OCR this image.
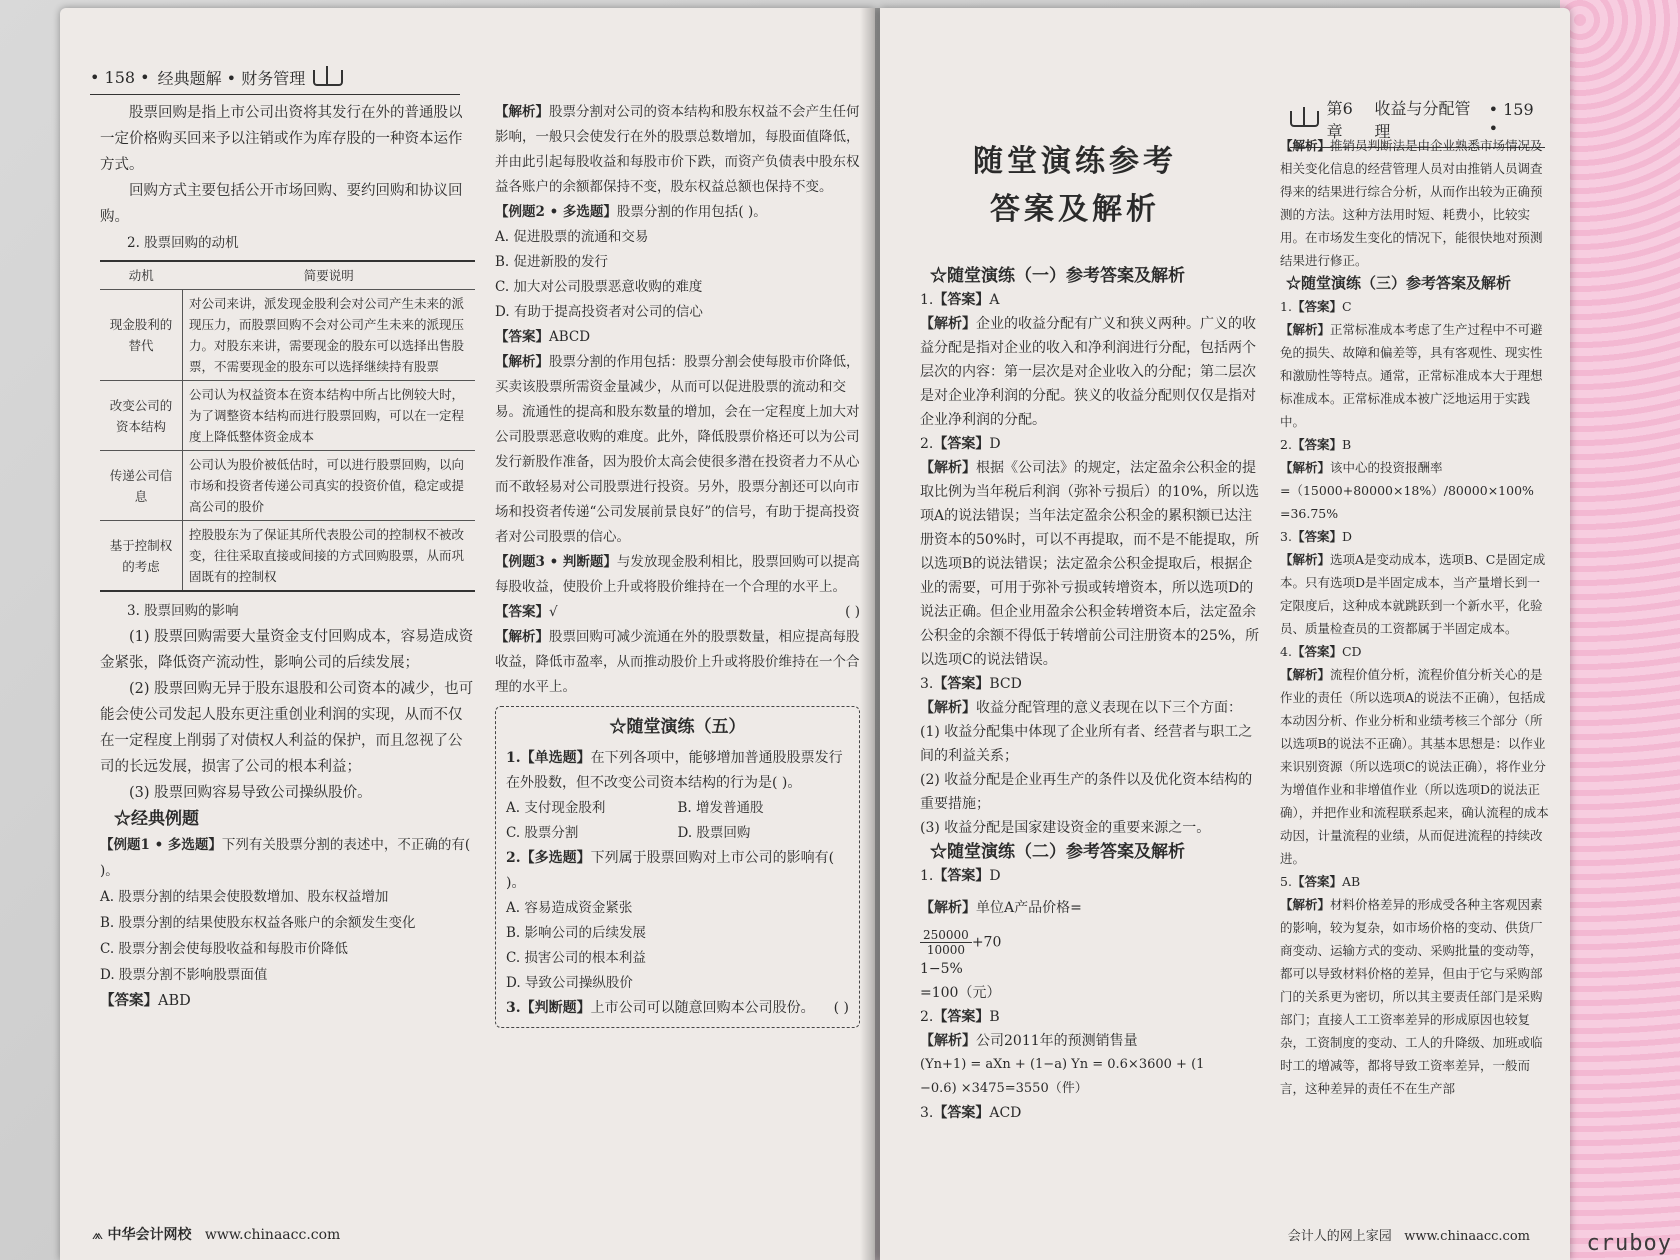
• 158 • 经典题解 • 财务管理

股票回购是指上市公司出资将其发行在外的普通股以一定价格购买回来予以注销或作为库存股的一种资本运作方式。

回购方式主要包括公开市场回购、要约回购和协议回购。

2. 股票回购的动机

动机	简要说明
现金股利的替代	对公司来讲，派发现金股利会对公司产生未来的派现压力，而股票回购不会对公司产生未来的派现压力。对股东来讲，需要现金的股东可以选择出售股票，不需要现金的股东可以选择继续持有股票
改变公司的资本结构	公司认为权益资本在资本结构中所占比例较大时，为了调整资本结构而进行股票回购，可以在一定程度上降低整体资金成本
传递公司信息	公司认为股价被低估时，可以进行股票回购，以向市场和投资者传递公司真实的投资价值，稳定或提高公司的股价
基于控制权的考虑	控股股东为了保证其所代表股公司的控制权不被改变，往往采取直接或间接的方式回购股票，从而巩固既有的控制权

3. 股票回购的影响

(1) 股票回购需要大量资金支付回购成本，容易造成资金紧张，降低资产流动性，影响公司的后续发展；

(2) 股票回购无异于股东退股和公司资本的减少，也可能会使公司发起人股东更注重创业利润的实现，从而不仅在一定程度上削弱了对债权人利益的保护，而且忽视了公司的长远发展，损害了公司的根本利益；

(3) 股票回购容易导致公司操纵股价。

☆经典例题

【例题1 • 多选题】下列有关股票分割的表述中，不正确的有( )。

A. 股票分割的结果会使股数增加、股东权益增加

B. 股票分割的结果使股东权益各账户的余额发生变化

C. 股票分割会使每股收益和每股市价降低

D. 股票分割不影响股票面值

【答案】ABD

【解析】股票分割对公司的资本结构和股东权益不会产生任何影响，一般只会使发行在外的股票总数增加，每股面值降低，并由此引起每股收益和每股市价下跌，而资产负债表中股东权益各账户的余额都保持不变，股东权益总额也保持不变。

【例题2 • 多选题】股票分割的作用包括( )。

A. 促进股票的流通和交易

B. 促进新股的发行

C. 加大对公司股票恶意收购的难度

D. 有助于提高投资者对公司的信心

【答案】ABCD

【解析】股票分割的作用包括：股票分割会使每股市价降低，买卖该股票所需资金量减少，从而可以促进股票的流动和交易。流通性的提高和股东数量的增加，会在一定程度上加大对公司股票恶意收购的难度。此外，降低股票价格还可以为公司发行新股作准备，因为股价太高会使很多潜在投资者力不从心而不敢轻易对公司股票进行投资。另外，股票分割还可以向市场和投资者传递“公司发展前景良好”的信号，有助于提高投资者对公司股票的信心。

【例题3 • 判断题】与发放现金股利相比，股票回购可以提高每股收益，使股价上升或将股价维持在一个合理的水平上。
( )

【答案】√

【解析】股票回购可减少流通在外的股票数量，相应提高每股收益，降低市盈率，从而推动股价上升或将股价维持在一个合理的水平上。

☆随堂演练（五）

1.【单选题】在下列各项中，能够增加普通股股票发行在外股数，但不改变公司资本结构的行为是( )。

A. 支付现金股利	B. 增发普通股
C. 股票分割	D. 股票回购

2.【多选题】下列属于股票回购对上市公司的影响有( )。

A. 容易造成资金紧张

B. 影响公司的后续发展

C. 损害公司的根本利益

D. 导致公司操纵股价

3.【判断题】上市公司可以随意回购本公司股份。 ( )

⩕ 中华会计网校 www.chinaacc.com
第6章
收益与分配管理
• 159 •
随堂演练参考
答案及解析

☆随堂演练（一）参考答案及解析

1.【答案】A

【解析】企业的收益分配有广义和狭义两种。广义的收益分配是指对企业的收入和净利润进行分配，包括两个层次的内容：第一层次是对企业收入的分配；第二层次是对企业净利润的分配。狭义的收益分配则仅仅是指对企业净利润的分配。

2.【答案】D

【解析】根据《公司法》的规定，法定盈余公积金的提取比例为当年税后利润（弥补亏损后）的10%，所以选项A的说法错误；当年法定盈余公积金的累积额已达注册资本的50%时，可以不再提取，而不是不能提取，所以选项B的说法错误；法定盈余公积金提取后，根据企业的需要，可用于弥补亏损或转增资本，所以选项D的说法正确。但企业用盈余公积金转增资本后，法定盈余公积金的余额不得低于转增前公司注册资本的25%，所以选项C的说法错误。

3.【答案】BCD

【解析】收益分配管理的意义表现在以下三个方面：

(1) 收益分配集中体现了企业所有者、经营者与职工之间的利益关系；

(2) 收益分配是企业再生产的条件以及优化资本结构的重要措施；

(3) 收益分配是国家建设资金的重要来源之一。

☆随堂演练（二）参考答案及解析

1.【答案】D

【解析】单位A产品价格=

$\frac{250000}{10000} +70$
1−5%
=100（元）

2.【答案】B

【解析】公司2011年的预测销售量

(Yn+1) = aXn + (1−a) Yn = 0.6×3600 + (1

−0.6) ×3475=3550（件）

3.【答案】ACD

【解析】推销员判断法是由企业熟悉市场情况及相关变化信息的经营管理人员对由推销人员调查得来的结果进行综合分析，从而作出较为正确预测的方法。这种方法用时短、耗费小，比较实用。在市场发生变化的情况下，能很快地对预测结果进行修正。

☆随堂演练（三）参考答案及解析

1.【答案】C

【解析】正常标准成本考虑了生产过程中不可避免的损失、故障和偏差等，具有客观性、现实性和激励性等特点。通常，正常标准成本大于理想标准成本。正常标准成本被广泛地运用于实践中。

2.【答案】B

【解析】该中心的投资报酬率

=（15000+80000×18%）/80000×100%

=36.75%

3.【答案】D

【解析】选项A是变动成本，选项B、C是固定成本。只有选项D是半固定成本，当产量增长到一定限度后，这种成本就跳跃到一个新水平，化验员、质量检查员的工资都属于半固定成本。

4.【答案】CD

【解析】流程价值分析，流程价值分析关心的是作业的责任（所以选项A的说法不正确），包括成本动因分析、作业分析和业绩考核三个部分（所以选项B的说法不正确）。其基本思想是：以作业来识别资源（所以选项C的说法正确），将作业分为增值作业和非增值作业（所以选项D的说法正确），并把作业和流程联系起来，确认流程的成本动因，计量流程的业绩，从而促进流程的持续改进。

5.【答案】AB

【解析】材料价格差异的形成受各种主客观因素的影响，较为复杂，如市场价格的变动、供货厂商变动、运输方式的变动、采购批量的变动等，都可以导致材料价格的差异，但由于它与采购部门的关系更为密切，所以其主要责任部门是采购部门；直接人工工资率差异的形成原因也较复杂，工资制度的变动、工人的升降级、加班或临时工的增减等，都将导致工资率差异，一般而言，这种差异的责任不在生产部

会计人的网上家园 www.chinaacc.com	cruboy
